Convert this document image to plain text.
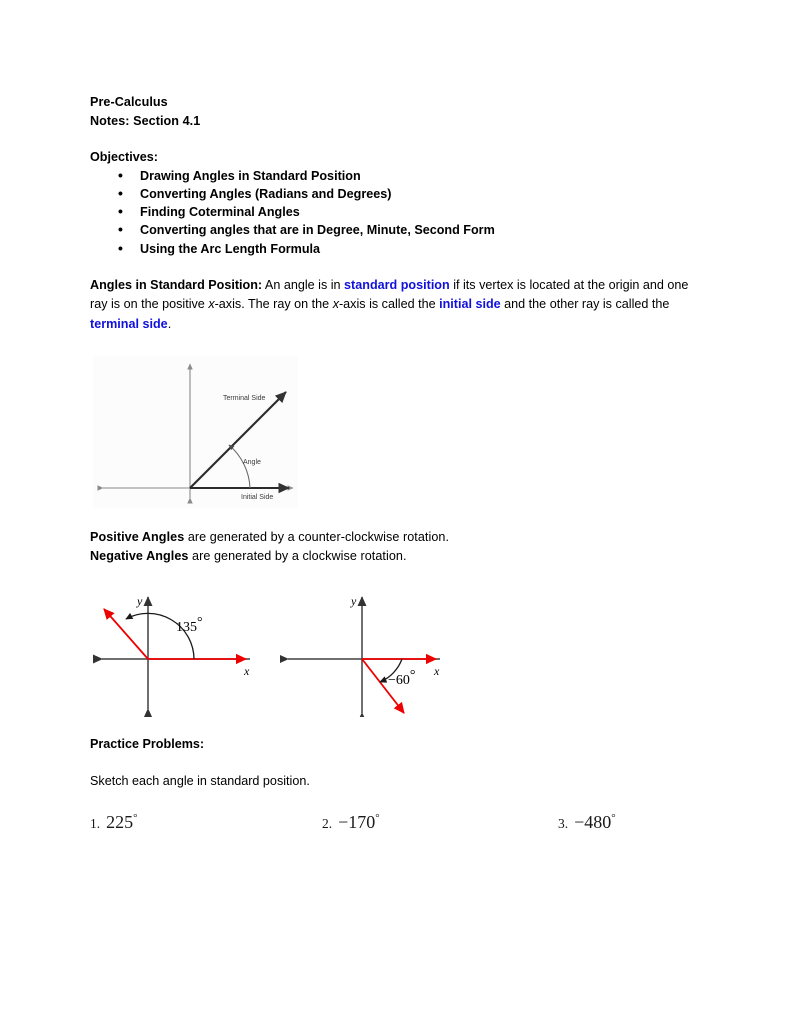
Pre-Calculus
Notes: Section 4.1
Objectives:
• Drawing Angles in Standard Position
• Converting Angles (Radians and Degrees)
• Finding Coterminal Angles
• Converting angles that are in Degree, Minute, Second Form
• Using the Arc Length Formula
Angles in Standard Position: An angle is in standard position if its vertex is located at the origin and one ray is on the positive x-axis. The ray on the x-axis is called the initial side and the other ray is called the terminal side.
Terminal Side
Angle
Initial Side
Positive Angles are generated by a counter-clockwise rotation.
Negative Angles are generated by a clockwise rotation.
135°
y
x
−60°
y
x
Practice Problems:
Sketch each angle in standard position.
1. 225°	2. −170°	3. −480°
